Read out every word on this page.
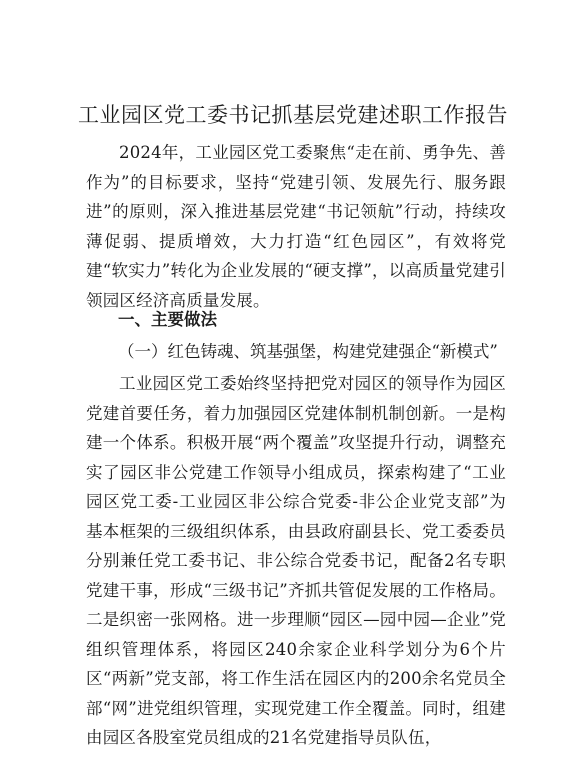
工业园区党工委书记抓基层党建述职工作报告
2024年，工业园区党工委聚焦“走在前、勇争先、善作为”的目标要求，坚持“党建引领、发展先行、服务跟进”的原则，深入推进基层党建“书记领航”行动，持续攻薄促弱、提质增效，大力打造“红色园区”，有效将党建“软实力”转化为企业发展的“硬支撑”，以高质量党建引领园区经济高质量发展。
一、主要做法
（一）红色铸魂、筑基强堡，构建党建强企“新模式”
工业园区党工委始终坚持把党对园区的领导作为园区党建首要任务，着力加强园区党建体制机制创新。一是构建一个体系。积极开展“两个覆盖”攻坚提升行动，调整充实了园区非公党建工作领导小组成员，探索构建了“工业园区党工委-工业园区非公综合党委-非公企业党支部”为基本框架的三级组织体系，由县政府副县长、党工委委员分别兼任党工委书记、非公综合党委书记，配备2名专职党建干事，形成“三级书记”齐抓共管促发展的工作格局。二是织密一张网格。进一步理顺“园区—园中园—企业”党组织管理体系，将园区240余家企业科学划分为6个片区“两新”党支部，将工作生活在园区内的200余名党员全部“网”进党组织管理，实现党建工作全覆盖。同时，组建由园区各股室党员组成的21名党建指导员队伍，
